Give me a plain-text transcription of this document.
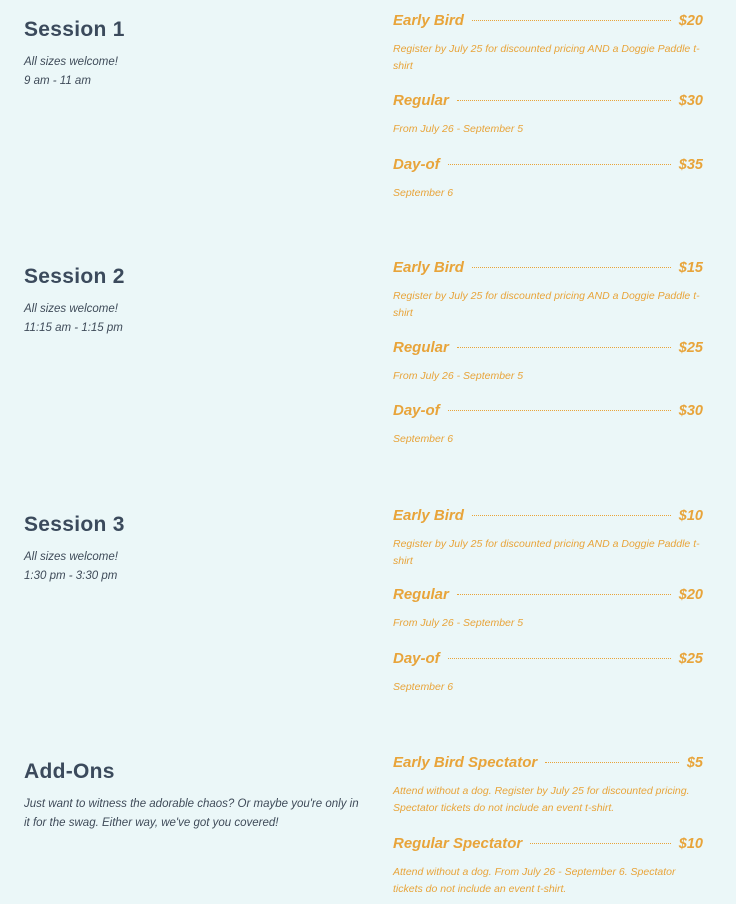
Session 1
All sizes welcome!
9 am - 11 am
Early Bird	$20
Register by July 25 for discounted pricing AND a Doggie Paddle t-shirt
Regular	$30
From July 26 - September 5
Day-of	$35
September 6
Session 2
All sizes welcome!
11:15 am - 1:15 pm
Early Bird	$15
Register by July 25 for discounted pricing AND a Doggie Paddle t-shirt
Regular	$25
From July 26 - September 5
Day-of	$30
September 6
Session 3
All sizes welcome!
1:30 pm - 3:30 pm
Early Bird	$10
Register by July 25 for discounted pricing AND a Doggie Paddle t-shirt
Regular	$20
From July 26 - September 5
Day-of	$25
September 6
Add-Ons
Just want to witness the adorable chaos? Or maybe you're only in it for the swag. Either way, we've got you covered!
Early Bird Spectator	$5
Attend without a dog. Register by July 25 for discounted pricing. Spectator tickets do not include an event t-shirt.
Regular Spectator	$10
Attend without a dog. From July 26 - September 6. Spectator tickets do not include an event t-shirt.
